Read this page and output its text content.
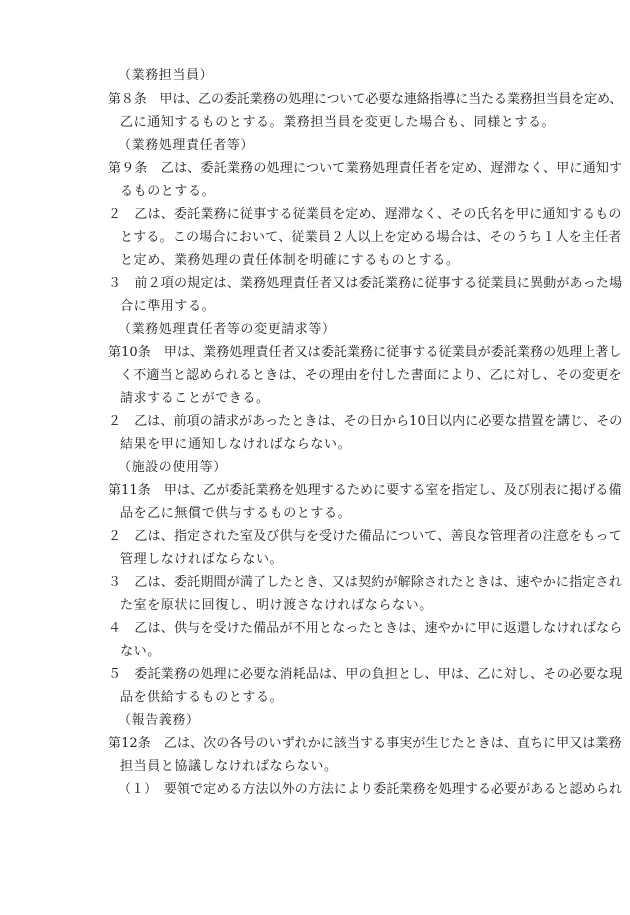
（業務担当員）
第８条　甲は、乙の委託業務の処理について必要な連絡指導に当たる業務担当員を定め、
乙に通知するものとする。業務担当員を変更した場合も、同様とする。
（業務処理責任者等）
第９条　乙は、委託業務の処理について業務処理責任者を定め、遅滞なく、甲に通知す
るものとする。
２　乙は、委託業務に従事する従業員を定め、遅滞なく、その氏名を甲に通知するもの
とする。この場合において、従業員２人以上を定める場合は、そのうち１人を主任者
と定め、業務処理の責任体制を明確にするものとする。
３　前２項の規定は、業務処理責任者又は委託業務に従事する従業員に異動があった場
合に準用する。
（業務処理責任者等の変更請求等）
第10条　甲は、業務処理責任者又は委託業務に従事する従業員が委託業務の処理上著し
く不適当と認められるときは、その理由を付した書面により、乙に対し、その変更を
請求することができる。
２　乙は、前項の請求があったときは、その日から10日以内に必要な措置を講じ、その
結果を甲に通知しなければならない。
（施設の使用等）
第11条　甲は、乙が委託業務を処理するために要する室を指定し、及び別表に掲げる備
品を乙に無償で供与するものとする。
２　乙は、指定された室及び供与を受けた備品について、善良な管理者の注意をもって
管理しなければならない。
３　乙は、委託期間が満了したとき、又は契約が解除されたときは、速やかに指定され
た室を原状に回復し、明け渡さなければならない。
４　乙は、供与を受けた備品が不用となったときは、速やかに甲に返還しなければなら
ない。
５　委託業務の処理に必要な消耗品は、甲の負担とし、甲は、乙に対し、その必要な現
品を供給するものとする。
（報告義務）
第12条　乙は、次の各号のいずれかに該当する事実が生じたときは、直ちに甲又は業務
担当員と協議しなければならない。
（１）　要領で定める方法以外の方法により委託業務を処理する必要があると認められ
